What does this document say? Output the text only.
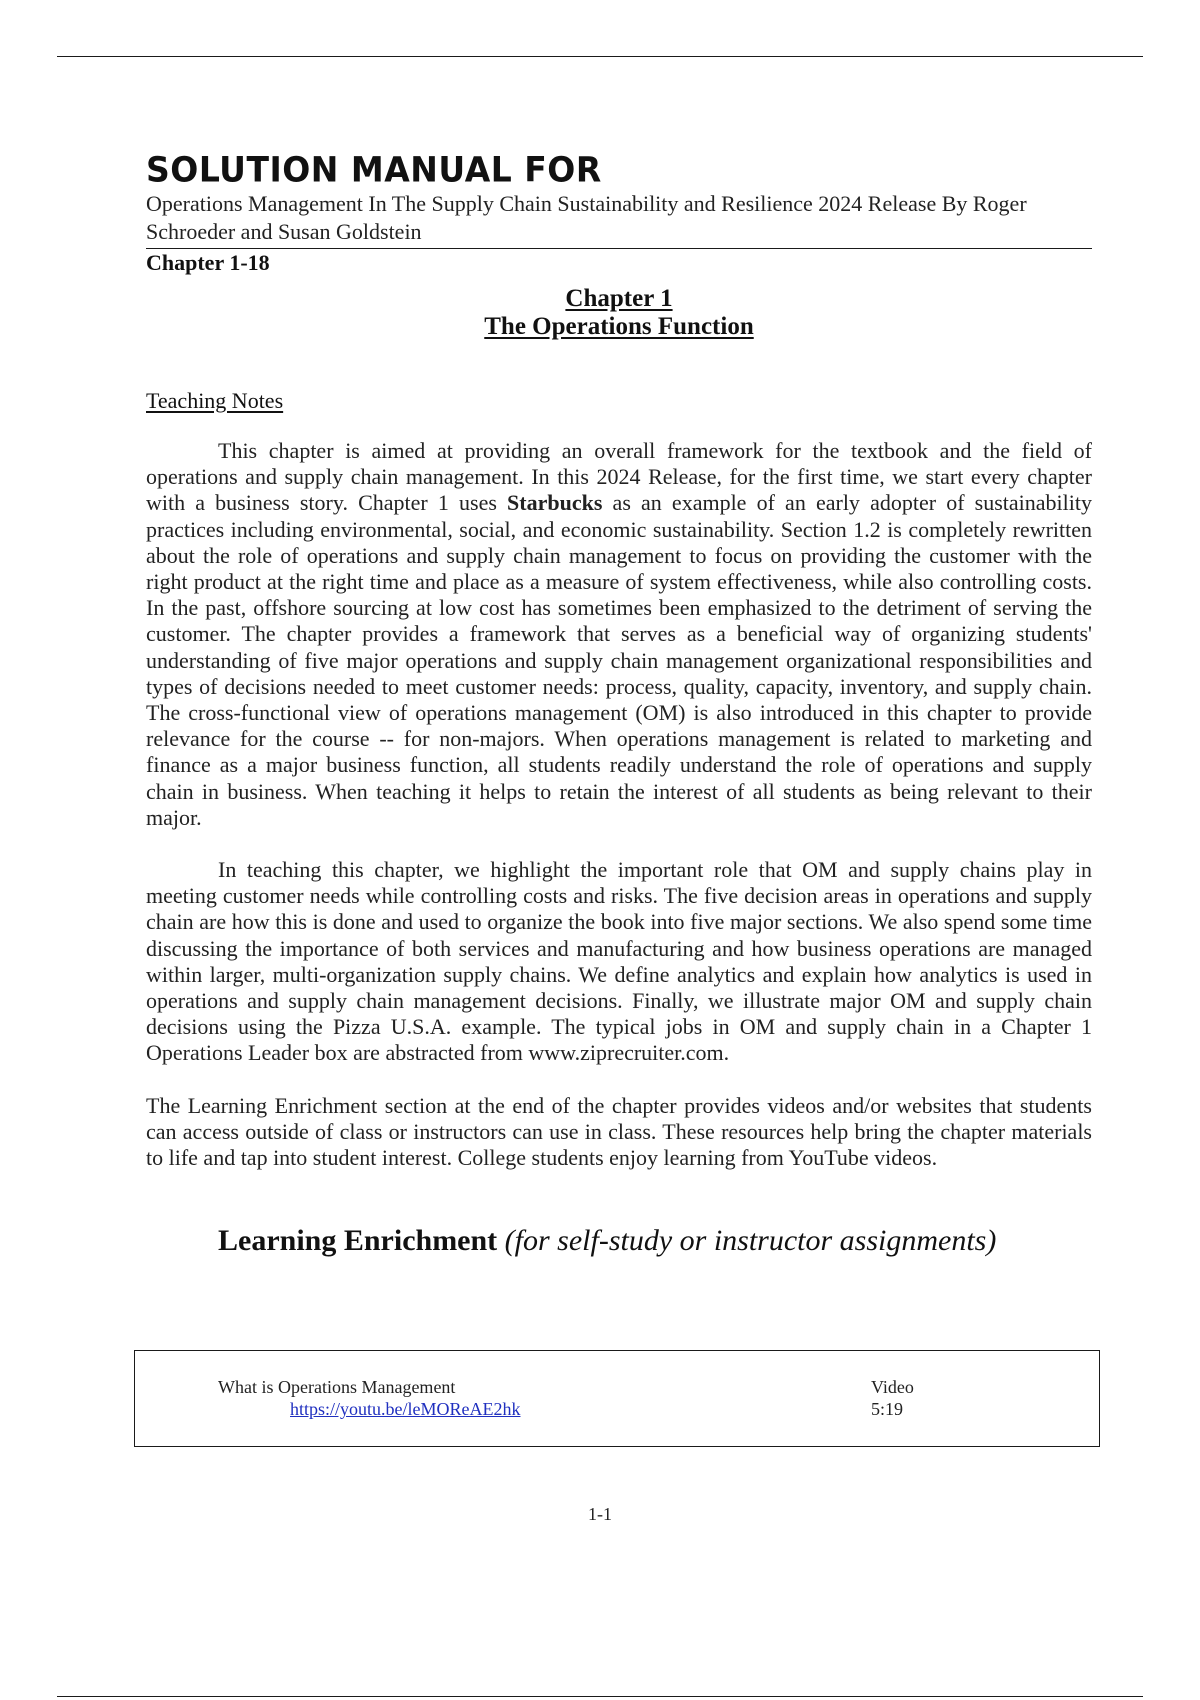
SOLUTION MANUAL FOR

Operations Management In The Supply Chain Sustainability and Resilience 2024 Release By Roger Schroeder and Susan Goldstein

Chapter 1-18

Chapter 1
The Operations Function

Teaching Notes

This chapter is aimed at providing an overall framework for the textbook and the field of operations and supply chain management. In this 2024 Release, for the first time, we start every chapter with a business story. Chapter 1 uses Starbucks as an example of an early adopter of sustainability practices including environmental, social, and economic sustainability. Section 1.2 is completely rewritten about the role of operations and supply chain management to focus on providing the customer with the right product at the right time and place as a measure of system effectiveness, while also controlling costs. In the past, offshore sourcing at low cost has sometimes been emphasized to the detriment of serving the customer. The chapter provides a framework that serves as a beneficial way of organizing students' understanding of five major operations and supply chain management organizational responsibilities and types of decisions needed to meet customer needs: process, quality, capacity, inventory, and supply chain. The cross-functional view of operations management (OM) is also introduced in this chapter to provide relevance for the course -- for non-majors. When operations management is related to marketing and finance as a major business function, all students readily understand the role of operations and supply chain in business. When teaching it helps to retain the interest of all students as being relevant to their major.

In teaching this chapter, we highlight the important role that OM and supply chains play in meeting customer needs while controlling costs and risks. The five decision areas in operations and supply chain are how this is done and used to organize the book into five major sections. We also spend some time discussing the importance of both services and manufacturing and how business operations are managed within larger, multi-organization supply chains. We define analytics and explain how analytics is used in operations and supply chain management decisions. Finally, we illustrate major OM and supply chain decisions using the Pizza U.S.A. example. The typical jobs in OM and supply chain in a Chapter 1 Operations Leader box are abstracted from www.ziprecruiter.com.

The Learning Enrichment section at the end of the chapter provides videos and/or websites that students can access outside of class or instructors can use in class. These resources help bring the chapter materials to life and tap into student interest. College students enjoy learning from YouTube videos.

Learning Enrichment (for self-study or instructor assignments)
What is Operations Management
https://youtu.be/leMOReAE2hk
Video
5:19
1-1
